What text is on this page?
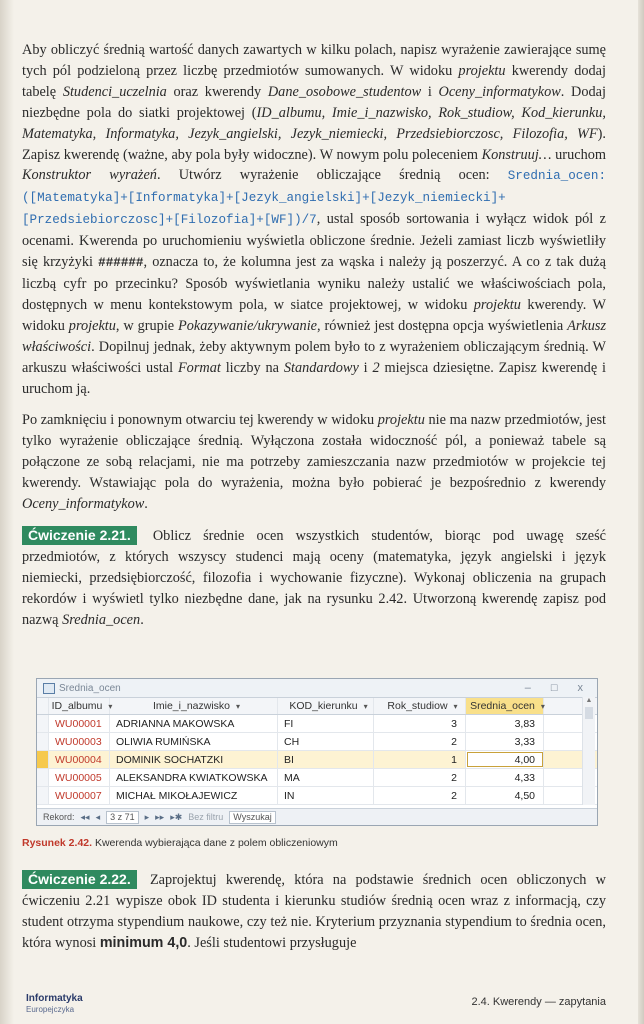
Aby obliczyć średnią wartość danych zawartych w kilku polach, napisz wyrażenie zawierające sumę tych pól podzieloną przez liczbę przedmiotów sumowanych. W widoku projektu kwerendy dodaj tabelę Studenci_uczelnia oraz kwerendy Dane_osobowe_studentow i Oceny_informatykow. Dodaj niezbędne pola do siatki projektowej (ID_albumu, Imie_i_nazwisko, Rok_studiow, Kod_kierunku, Matematyka, Informatyka, Jezyk_angielski, Jezyk_niemiecki, Przedsiebiorczosc, Filozofia, WF). Zapisz kwerendę (ważne, aby pola były widoczne). W nowym polu poleceniem Konstruuj… uruchom Konstruktor wyrażeń. Utwórz wyrażenie obliczające średnią ocen: Srednia_ocen:([Matematyka]+[Informatyka]+[Jezyk_angielski]+[Jezyk_niemiecki]+[Przedsiebiorczosc]+[Filozofia]+[WF])/7, ustal sposób sortowania i wyłącz widok pól z ocenami. Kwerenda po uruchomieniu wyświetla obliczone średnie. Jeżeli zamiast liczb wyświetliły się krzyżyki ######, oznacza to, że kolumna jest za wąska i należy ją poszerzyć. A co z tak dużą liczbą cyfr po przecinku? Sposób wyświetlania wyniku należy ustalić we właściwościach pola, dostępnych w menu kontekstowym pola, w siatce projektowej, w widoku projektu kwerendy. W widoku projektu, w grupie Pokazywanie/ukrywanie, również jest dostępna opcja wyświetlenia Arkusz właściwości. Dopilnuj jednak, żeby aktywnym polem było to z wyrażeniem obliczającym średnią. W arkuszu właściwości ustal Format liczby na Standardowy i 2 miejsca dziesiętne. Zapisz kwerendę i uruchom ją.

Po zamknięciu i ponownym otwarciu tej kwerendy w widoku projektu nie ma nazw przedmiotów, jest tylko wyrażenie obliczające średnią. Wyłączona została widoczność pól, a ponieważ tabele są połączone ze sobą relacjami, nie ma potrzeby zamieszczania nazw przedmiotów w projekcie tej kwerendy. Wstawiając pola do wyrażenia, można było pobierać je bezpośrednio z kwerendy Oceny_informatykow.

Ćwiczenie 2.21. Oblicz średnie ocen wszystkich studentów, biorąc pod uwagę sześć przedmiotów, z których wszyscy studenci mają oceny (matematyka, język angielski i język niemiecki, przedsiębiorczość, filozofia i wychowanie fizyczne). Wykonaj obliczenia na grupach rekordów i wyświetl tylko niezbędne dane, jak na rysunku 2.42. Utworzoną kwerendę zapisz pod nazwą Srednia_ocen.

Srednia_ocen	– □ x
ID_albumu ▾	Imie_i_nazwisko ▾	KOD_kierunku ▾ Rok_studiow ▾ Srednia_ocen ▾
WU00001	ADRIANNA MAKOWSKA	FI	3	3,83
WU00003	OLIWIA RUMIŃSKA	CH	2	3,33
WU00004	DOMINIK SOCHATZKI	BI	1	4,00
WU00005	ALEKSANDRA KWIATKOWSKA	MA	2	4,33
WU00007	MICHAŁ MIKOŁAJEWICZ	IN	2	4,50
▲
Rekord: ◂◂ ◂	3 z 71	▸ ▸▸ ▸✱ Bez filtru	Wyszukaj
Rysunek 2.42. Kwerenda wybierająca dane z polem obliczeniowym

Ćwiczenie 2.22. Zaprojektuj kwerendę, która na podstawie średnich ocen obliczonych w ćwiczeniu 2.21 wypisze obok ID studenta i kierunku studiów średnią ocen wraz z informacją, czy student otrzyma stypendium naukowe, czy też nie. Kryterium przyznania stypendium to średnia ocen, która wynosi minimum 4,0. Jeśli studentowi przysługuje

Informatyka
Europejczyka
2.4. Kwerendy — zapytania
